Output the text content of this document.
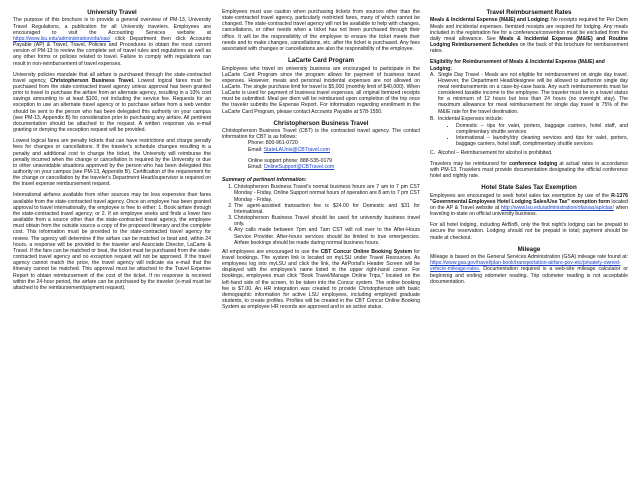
University Travel

The purpose of this brochure is to provide a general overview of PM-13, University Travel Regulations, a publication for all University travelers. Employees are encouraged to visit the Accounting Services website at https://www.lsu.edu/administration/ofa/oas/ click Department then click Accounts Payable (AP) & Travel, Travel, Policies and Procedures to obtain the most current version of PM-13 to review the complete set of travel rules and regulations as well as any other forms or policies related to travel. Failure to comply with regulations can result in non-reimbursement of travel expenses.

University policies mandate that all airfare is purchased through the state-contracted travel agency, Christopherson Business Travel. Lowest logical fares must be purchased from the state-contracted travel agency unless approval has been granted prior to travel to purchase the airfare from an alternate agency, resulting in a 10% cost savings amounting to at least $100, not including the service fee. Requests for an exception to use an alternate travel agency or to purchase airfare from a web vendor should be sent to the person who has been delegated this authority on your campus (see PM-13, Appendix B) for consideration prior to purchasing any airfare. All pertinent documentation should be attached to the request. A written response via e-mail granting or denying the exception request will be provided.

Lowest logical fares are penalty tickets that can have restrictions and charge penalty fees for changes or cancellations. If the traveler's schedule changes resulting in a penalty and additional cost to change the ticket, the University will reimburse the penalty incurred when the change or cancellation is required by the University or due to other unavoidable situations approved by the person who has been delegated this authority on your campus (see PM-13, Appendix B). Certification of the requirement for the change or cancellation by the traveler's Department Head/supervisor is required on the travel expense reimbursement request.

International airfares available from other sources may be less expensive than fares available from the state-contracted travel agency. Once an employee has been granted approval to travel internationally, the employee is free to either: 1. Book airfare through the state-contracted travel agency; or 2. If an employee seeks and finds a lower fare available from a source other than the state-contracted travel agency, the employee must obtain from the outside source a copy of the proposed itinerary and the complete cost. This information must be provided to the state-contracted travel agency for review. The agency will determine if the airfare can be matched or beat and, within 24 hours, a response will be provided to the traveler and Associate Director, LaCarte & Travel. If the fare can be matched or beat, the ticket must be purchased from the state-contracted travel agency and no exception request will not be approved. If the travel agency cannot match the price, the travel agency will indicate via e-mail that the itinerary cannot be matched. This approval must be attached to the Travel Expense Report to obtain reimbursement of the cost of the ticket. If no response is received within the 24-hour period, the airfare can be purchased by the traveler (e-mail must be attached to the reimbursement/payment request).

Employees must use caution when purchasing tickets from sources other than the state-contracted travel agency, particularly restricted fares, many of which cannot be changed. The state-contracted travel agency will not be available to help with changes, cancellations, or other needs when a ticket has not been purchased through their office. It will be the responsibility of the employee to ensure the ticket meets their needs and to make changes, cancellations, etc. after the ticket is purchased. Any fees associated with changes or cancellations are also the responsibility of the employee.

LaCarte Card Program

Employees who travel on university business are encouraged to participate in the LaCarte Card Program since the program allows for payment of business travel expenses. However, meals and personal incidental expenses are not allowed on LaCarte. The single purchase limit for travel is $5,000 (monthly limit of $40,000). When LaCarte is used for payment of business travel expenses, all original itemized receipts must be submitted. Meal per diem will be reimbursed upon completion of the trip once the traveler submits the Expense Report. For information regarding enrollment in the LaCarte Card Program, please contact Accounts Payable at 578-1550.

Christopherson Business Travel

Christopherson Business Travel (CBT) is the contracted travel agency. The contact information for CBT is as follows:

Phone: 800-961-0720
Email: StateLAUniv@CBTravel.com
Online support phone: 888-535-0179
Email: OnlineSupport@CBTravel.com
Summary of pertinent information:
1. Christopherson Business Travel's normal business hours are 7 am to 7 pm CST Monday - Friday. Online Support normal hours of operation are 8 am to 7 pm CST Monday - Friday.
2. The agent-assisted transaction fee is $24.00 for Domestic and $31 for International.
3. Christopherson Business Travel should be used for university business travel only.
4. Any calls made between 7pm and 7am CST will roll over to the After-Hours Service Provider. After-hours services should be limited to true emergencies. Airfare bookings should be made during normal business hours.

All employees are encouraged to use the CBT Concur Online Booking System for travel bookings. The system link is located on myLSU under Travel Resources. As employees log into myLSU and click the link, the AirPortal's Header Screen will be displayed with the employee's name listed in the upper right-hand corner. For bookings, employees must click "Book Travel/Manage Online Trips," located on the left-hand side of the screen, to be taken into the Concur system. The online booking fee is $7.00. An HR integration was created to provide Christopherson with basic demographic information for active LSU employees, including employed graduate students, to create profiles. Profiles will be created in the CBT Concur Online Booking System as employee HR records are approved and in an active status.

Travel Reimbursement Rates

Meals & Incidental Expense (M&IE) and Lodging: No receipts required for Per Diem Meals and incidental expenses. Itemized receipts are required for lodging. Any meals included in the registration fee for a conference/convention must be excluded from the daily meal allowance. See Meals & Incidental Expense (M&IE) and Routine Lodging Reimbursement Schedules on the back of this brochure for reimbursement rates.

Eligibility for Reimbursement of Meals & Incidental Expense (M&IE) and Lodging:
A. Single Day Travel - Meals are not eligible for reimbursement on single day travel. However, the Department Head/designee will be allowed to authorize single day meal reimbursements on a case-by-case basis. Any such reimbursements must be considered taxable income to the employee. The traveler must be in a travel status for a minimum of 12 hours but less than 24 hours (no overnight stay). The maximum allowance for meal reimbursement for single day travel is 75% of the M&IE rate for the travel destination.
B. Incidental Expenses include:
• Domestic – tips for valet, porters, baggage carriers, hotel staff, and complimentary shuttle services
• International – laundry/dry cleaning services and tips for valet, porters, baggage carriers, hotel staff, complimentary shuttle services
C. Alcohol – Reimbursement for alcohol is prohibited.

Travelers may be reimbursed for conference lodging at actual rates in accordance with PM-13. Travelers must provide documentation designating the official conference hotel and nightly rate.

Hotel State Sales Tax Exemption

Employees are encouraged to seek hotel sales tax exemption by use of the R-1376 "Governmental Employees Hotel Lodging Sales/Use Tax" exemption form located on the AP & Travel website at http://www.lsu.edu/administration/ofa/oas/ap/ctax/ when traveling in-state on official university business.

For all hotel lodging, including AirBnB, only the first night's lodging can be prepaid to secure the reservation. Lodging should not be prepaid in total; payment should be made at checkout.

Mileage

Mileage is based on the General Services Administration (GSA) mileage rate found at: https://www.gsa.gov/travel/plan-book/transportation-airfare-pov-etc/privately-owned-vehicle-mileage-rates. Documentation required is a web-site mileage calculator or beginning and ending odometer reading. Trip odometer reading is not acceptable documentation.
